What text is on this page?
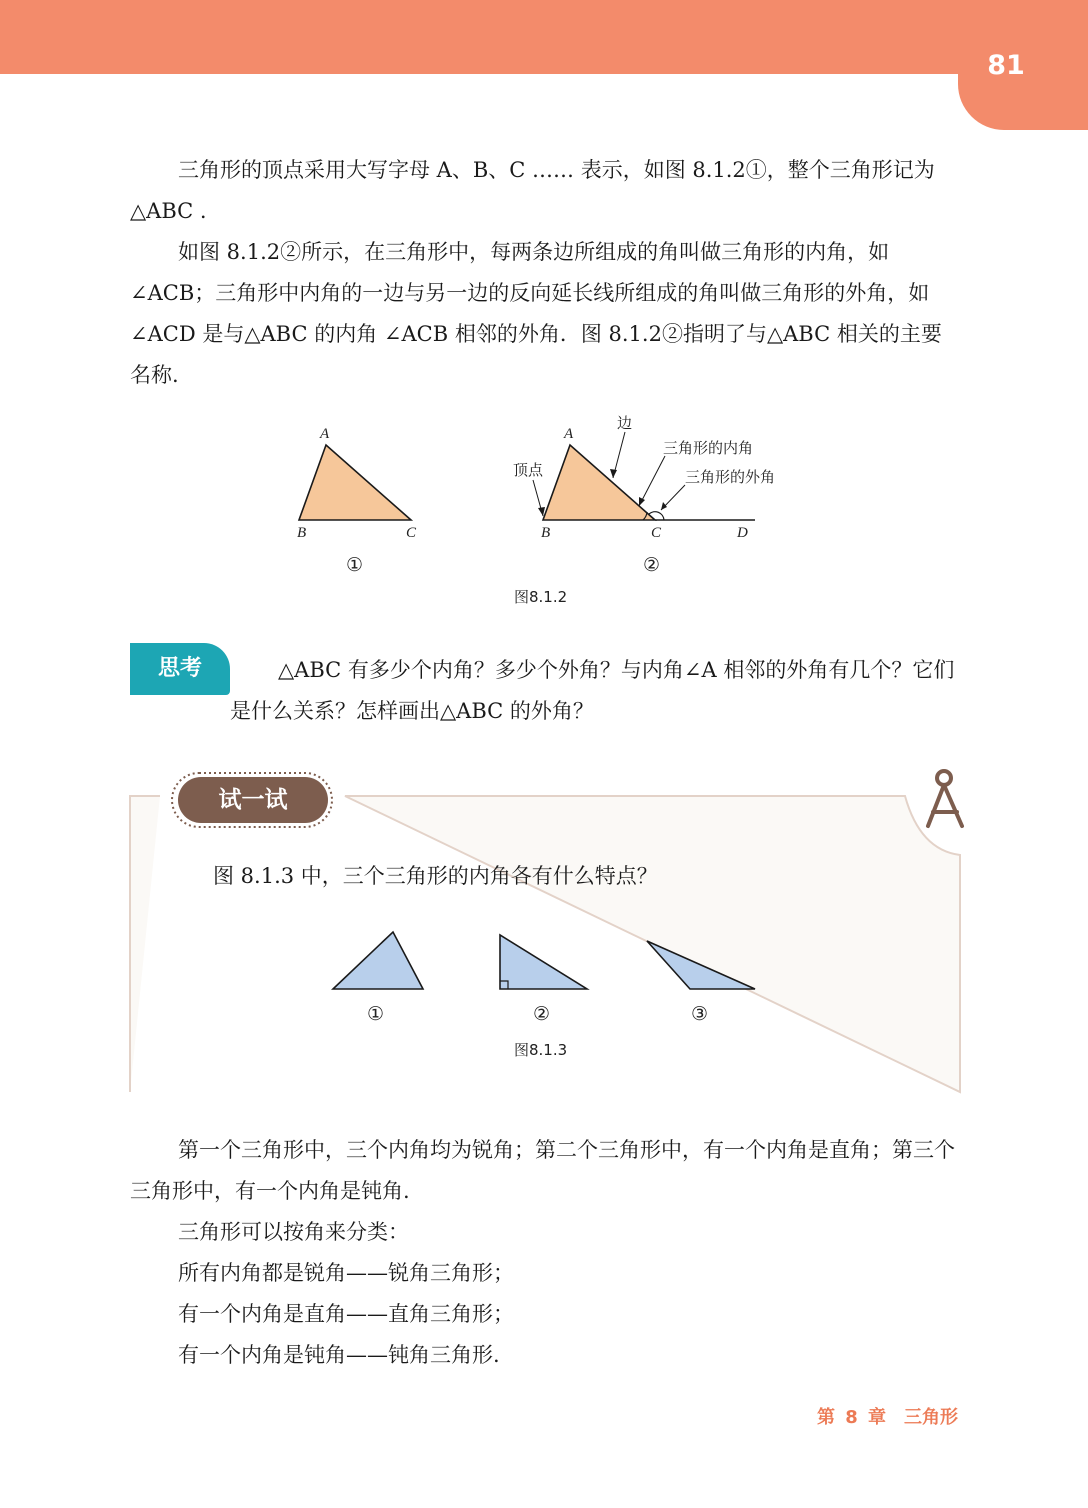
81

三角形的顶点采用大写字母 A、B、C …… 表示，如图 8.1.2①，整个三角形记为△ABC .

如图 8.1.2②所示，在三角形中，每两条边所组成的角叫做三角形的内角，如∠ACB；三角形中内角的一边与另一边的反向延长线所组成的角叫做三角形的外角，如∠ACD 是与△ABC 的内角 ∠ACB 相邻的外角．图 8.1.2②指明了与△ABC 相关的主要名称.

A
B	C
①
A
B	C	D
边
顶点
三角形的内角
三角形的外角
②
图8.1.2
思考	△ABC 有多少个内角？多少个外角？与内角∠A 相邻的外角有几个？它们是什么关系？怎样画出△ABC 的外角？

试一试

图 8.1.3 中，三个三角形的内角各有什么特点？

①	②	③
图8.1.3

第一个三角形中，三个内角均为锐角；第二个三角形中，有一个内角是直角；第三个三角形中，有一个内角是钝角.

三角形可以按角来分类：

所有内角都是锐角——锐角三角形；

有一个内角是直角——直角三角形；

有一个内角是钝角——钝角三角形.

第 8 章　三角形
